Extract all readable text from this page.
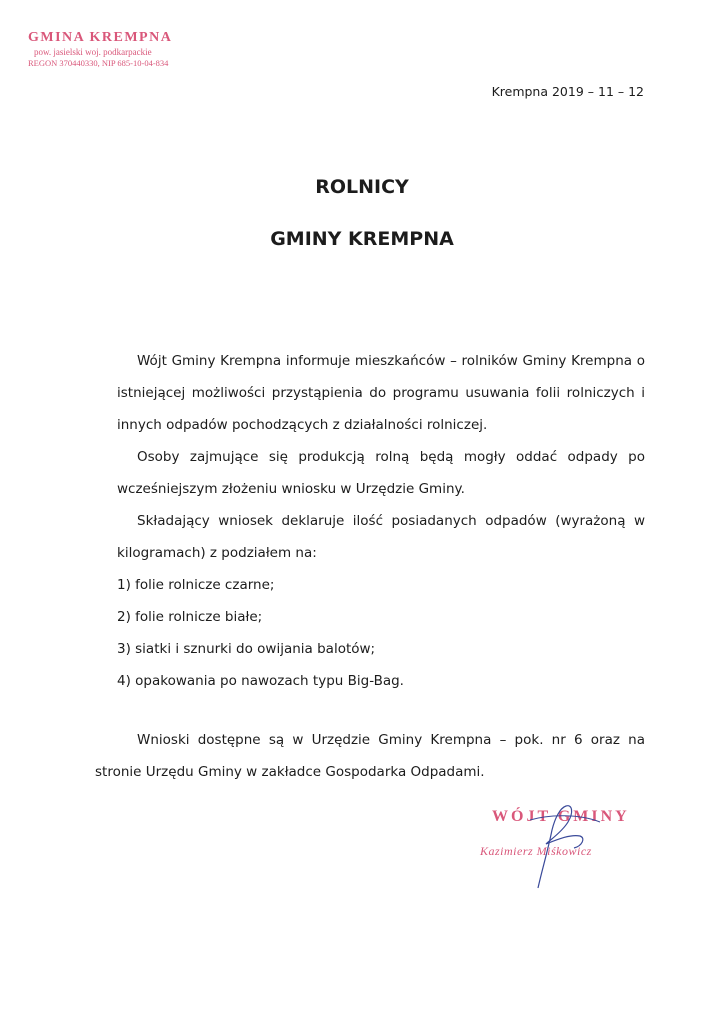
GMINA KREMPNA
pow. jasielski woj. podkarpackie
REGON 370440330, NIP 685-10-04-834
Krempna 2019 – 11 – 12
ROLNICY
GMINY KREMPNA

Wójt Gminy Krempna informuje mieszkańców – rolników Gminy Krempna o istniejącej możliwości przystąpienia do programu usuwania folii rolniczych i innych odpadów pochodzących z działalności rolniczej.

Osoby zajmujące się produkcją rolną będą mogły oddać odpady po wcześniejszym złożeniu wniosku w Urzędzie Gminy.

Składający wniosek deklaruje ilość posiadanych odpadów (wyrażoną w kilogramach) z podziałem na:

1) folie rolnicze czarne;

2) folie rolnicze białe;

3) siatki i sznurki do owijania balotów;

4) opakowania po nawozach typu Big-Bag.

Wnioski dostępne są w Urzędzie Gminy Krempna – pok. nr 6 oraz na stronie Urzędu Gminy w zakładce Gospodarka Odpadami.

WÓJT GMINY
Kazimierz Miśkowicz
